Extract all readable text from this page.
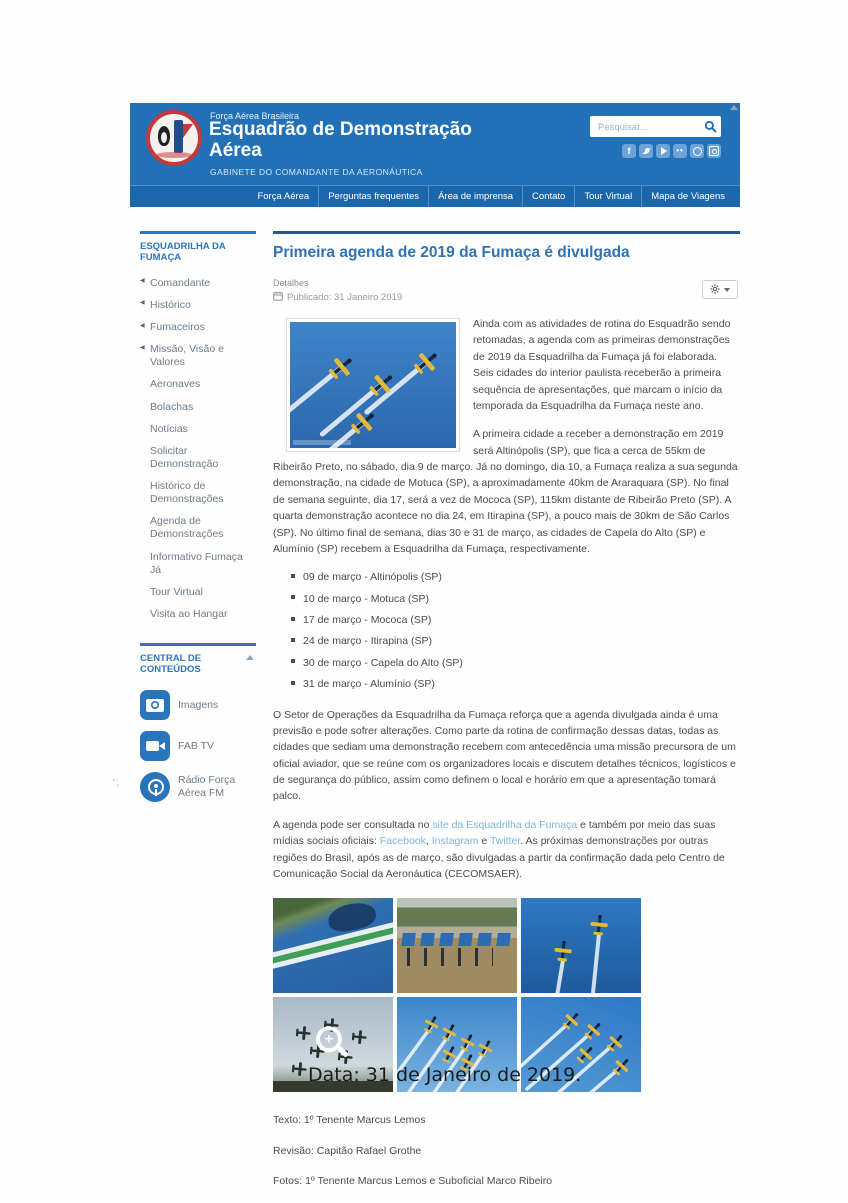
Força Aérea Brasileira
Esquadrão de Demonstração Aérea
GABINETE DO COMANDANTE DA AERONÁUTICA
Pesquisar...
f	••
Força Aérea	Perguntas frequentes	Área de imprensa	Contato	Tour Virtual	Mapa de Viagens
ESQUADRILHA DA FUMAÇA
◀ Comandante
◀ Histórico
◀ Fumaceiros
◀ Missão, Visão e Valores
Aeronaves
Bolachas
Notícias
Solicitar Demonstração
Histórico de Demonstrações
Agenda de Demonstrações
Informativo Fumaça Já
Tour Virtual
Visita ao Hangar
CENTRAL DE CONTEÚDOS
Imagens
FAB TV
Rádio Força Aérea FM
Primeira agenda de 2019 da Fumaça é divulgada
Detalhes
Publicado: 31 Janeiro 2019

Ainda com as atividades de rotina do Esquadrão sendo retomadas, a agenda com as primeiras demonstrações de 2019 da Esquadrilha da Fumaça já foi elaborada. Seis cidades do interior paulista receberão a primeira sequência de apresentações, que marcam o início da temporada da Esquadrilha da Fumaça neste ano.

A primeira cidade a receber a demonstração em 2019 será Altinópolis (SP), que fica a cerca de 55km de Ribeirão Preto, no sábado, dia 9 de março. Já no domingo, dia 10, a Fumaça realiza a sua segunda demonstração, na cidade de Motuca (SP), a aproximadamente 40km de Araraquara (SP). No final de semana seguinte, dia 17, será a vez de Mococa (SP), 115km distante de Ribeirão Preto (SP). A quarta demonstração acontece no dia 24, em Itirapina (SP), a pouco mais de 30km de São Carlos (SP). No último final de semana, dias 30 e 31 de março, as cidades de Capela do Alto (SP) e Alumínio (SP) recebem a Esquadrilha da Fumaça, respectivamente.

09 de março - Altinópolis (SP)
10 de março - Motuca (SP)
17 de março - Mococa (SP)
24 de março - Itirapina (SP)
30 de março - Capela do Alto (SP)
31 de março - Alumínio (SP)

O Setor de Operações da Esquadrilha da Fumaça reforça que a agenda divulgada ainda é uma previsão e pode sofrer alterações. Como parte da rotina de confirmação dessas datas, todas as cidades que sediam uma demonstração recebem com antecedência uma missão precursora de um oficial aviador, que se reúne com os organizadores locais e discutem detalhes técnicos, logísticos e de segurança do público, assim como definem o local e horário em que a apresentação tomará palco.

A agenda pode ser consultada no site da Esquadrilha da Fumaça e também por meio das suas mídias sociais oficiais: Facebook, Instagram e Twitter. As próximas demonstrações por outras regiões do Brasil, após as de março, são divulgadas a partir da confirmação dada pelo Centro de Comunicação Social da Aeronáutica (CECOMSAER).

+

Texto: 1º Tenente Marcus Lemos

Revisão: Capitão Rafael Grothe

Fotos: 1º Tenente Marcus Lemos e Suboficial Marco Ribeiro

ʻ,
Data: 31 de Janeiro de 2019.
